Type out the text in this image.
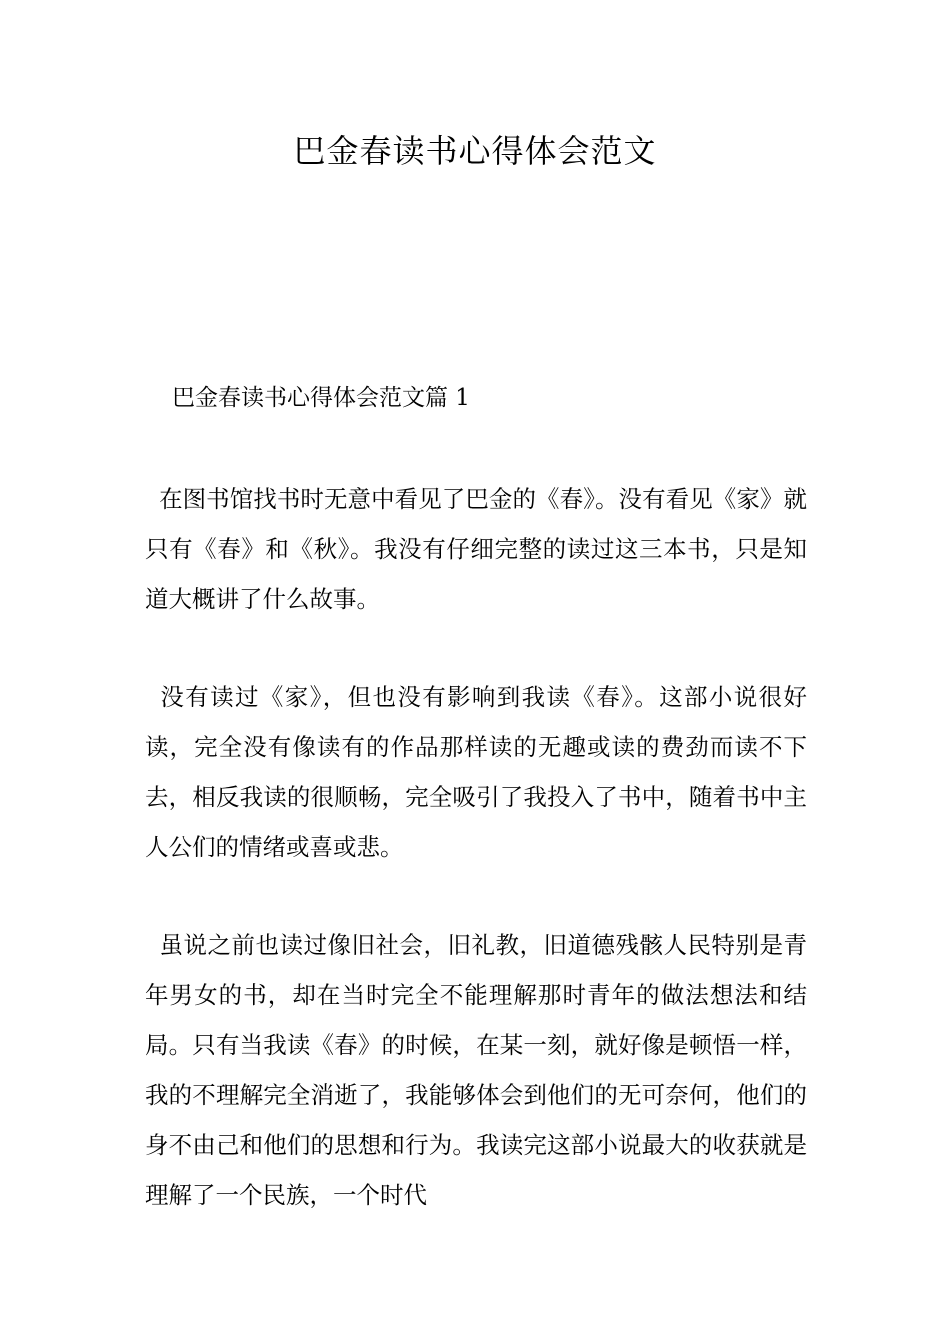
巴金春读书心得体会范文
巴金春读书心得体会范文篇 1

在图书馆找书时无意中看见了巴金的《春》。没有看见《家》就只有《春》和《秋》。我没有仔细完整的读过这三本书，只是知道大概讲了什么故事。

没有读过《家》，但也没有影响到我读《春》。这部小说很好读，完全没有像读有的作品那样读的无趣或读的费劲而读不下去，相反我读的很顺畅，完全吸引了我投入了书中，随着书中主人公们的情绪或喜或悲。

虽说之前也读过像旧社会，旧礼教，旧道德残骸人民特别是青年男女的书，却在当时完全不能理解那时青年的做法想法和结局。只有当我读《春》的时候，在某一刻，就好像是顿悟一样，我的不理解完全消逝了，我能够体会到他们的无可奈何，他们的身不由己和他们的思想和行为。我读完这部小说最大的收获就是理解了一个民族，一个时代
